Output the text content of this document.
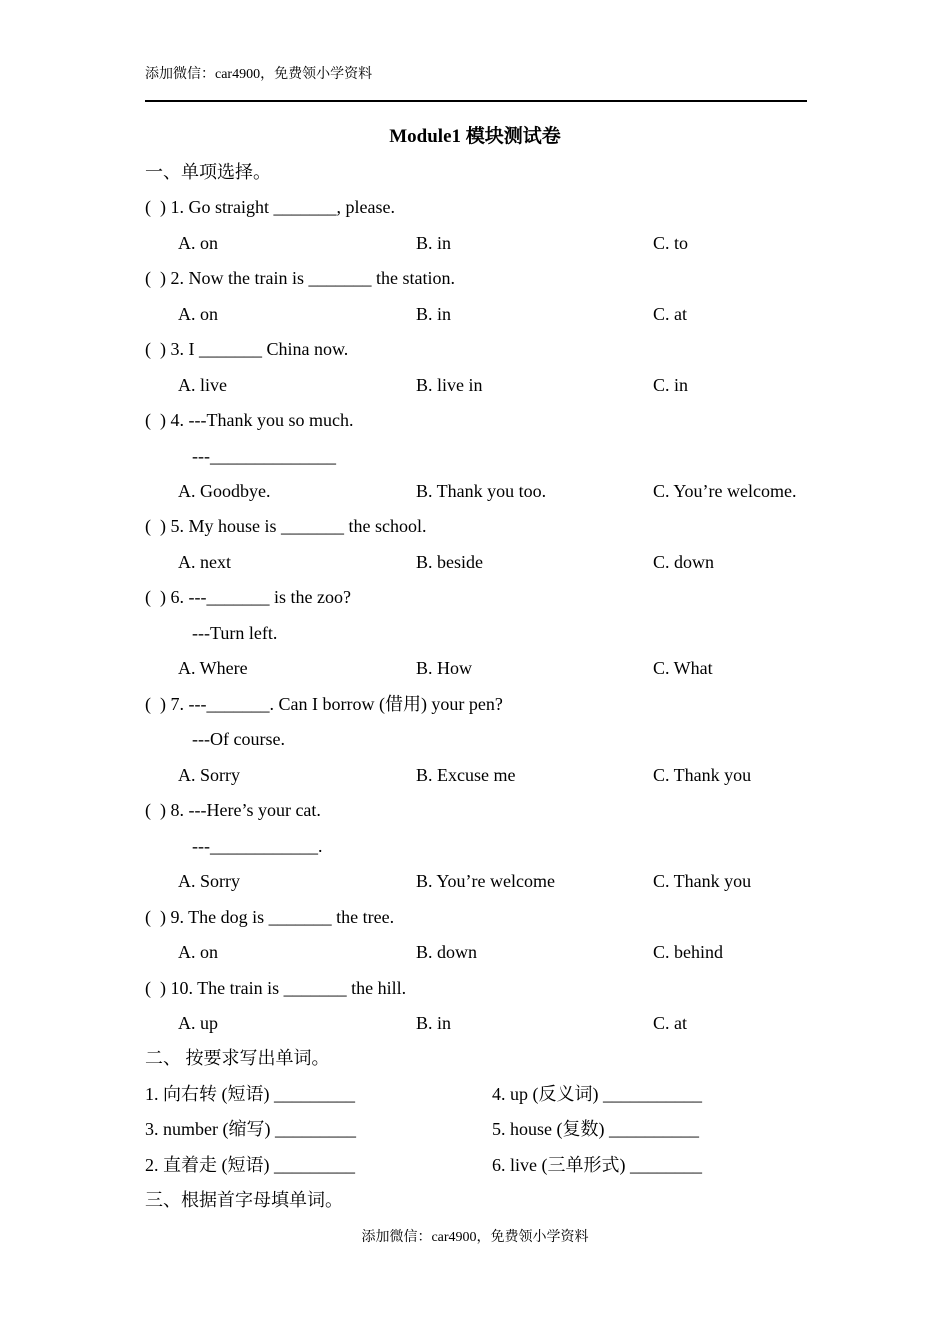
添加微信：car4900，免费领小学资料
Module1 模块测试卷
一、单项选择。
(  ) 1. Go straight _______, please.
A. on	B. in	C. to
(  ) 2. Now the train is _______ the station.
A. on	B. in	C. at
(  ) 3. I _______ China now.
A. live	B. live in	C. in
(  ) 4. ---Thank you so much.
---______________
A. Goodbye.	B. Thank you too.	C. You’re welcome.
(  ) 5. My house is _______ the school.
A. next	B. beside	C. down
(  ) 6. ---_______ is the zoo?
---Turn left.
A. Where	B. How	C. What
(  ) 7. ---_______. Can I borrow (借用) your pen?
---Of course.
A. Sorry	B. Excuse me	C. Thank you
(  ) 8. ---Here’s your cat.
---____________.
A. Sorry	B. You’re welcome	C. Thank you
(  ) 9. The dog is _______ the tree.
A. on	B. down	C. behind
(  ) 10. The train is _______ the hill.
A. up	B. in	C. at
二、 按要求写出单词。
1. 向右转 (短语) _________	4. up (反义词) ___________
3. number (缩写) _________	5. house (复数) __________
2. 直着走 (短语) _________	6. live (三单形式) ________
三、根据首字母填单词。
添加微信：car4900，免费领小学资料
